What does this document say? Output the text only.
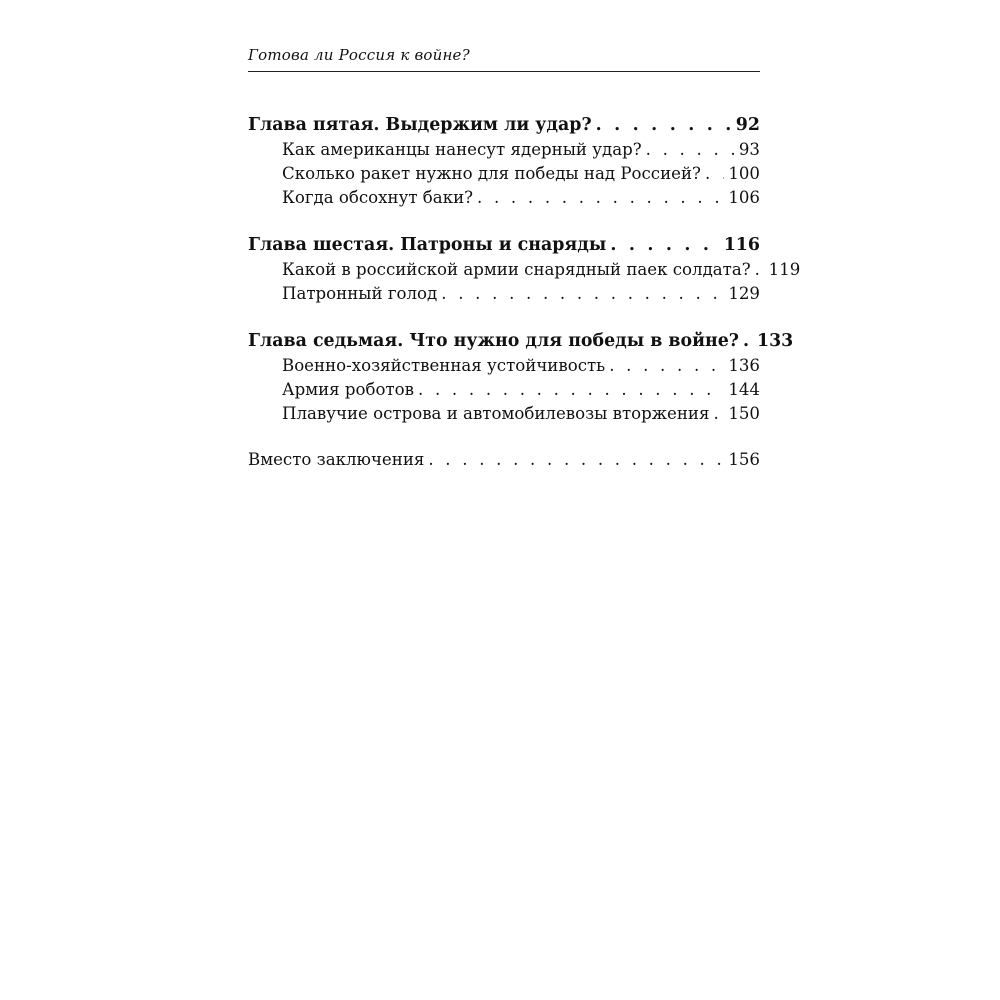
Готова ли Россия к войне?
Глава пятая. Выдержим ли удар? . . .	92
Как американцы нанесут ядерный удар? . . .	93
Сколько ракет нужно для победы над Россией? . . . 100
Когда обсохнут баки? . . .	106
Глава шестая. Патроны и снаряды . . .	116
Какой в российской армии снарядный паек солдата? . . . 119
Патронный голод . . .	129
Глава седьмая. Что нужно для победы в войне? . . . 133
Военно-хозяйственная устойчивость . . .	136
Армия роботов . . .	144
Плавучие острова и автомобилевозы вторжения . . . 150
Вместо заключения . . .	156
